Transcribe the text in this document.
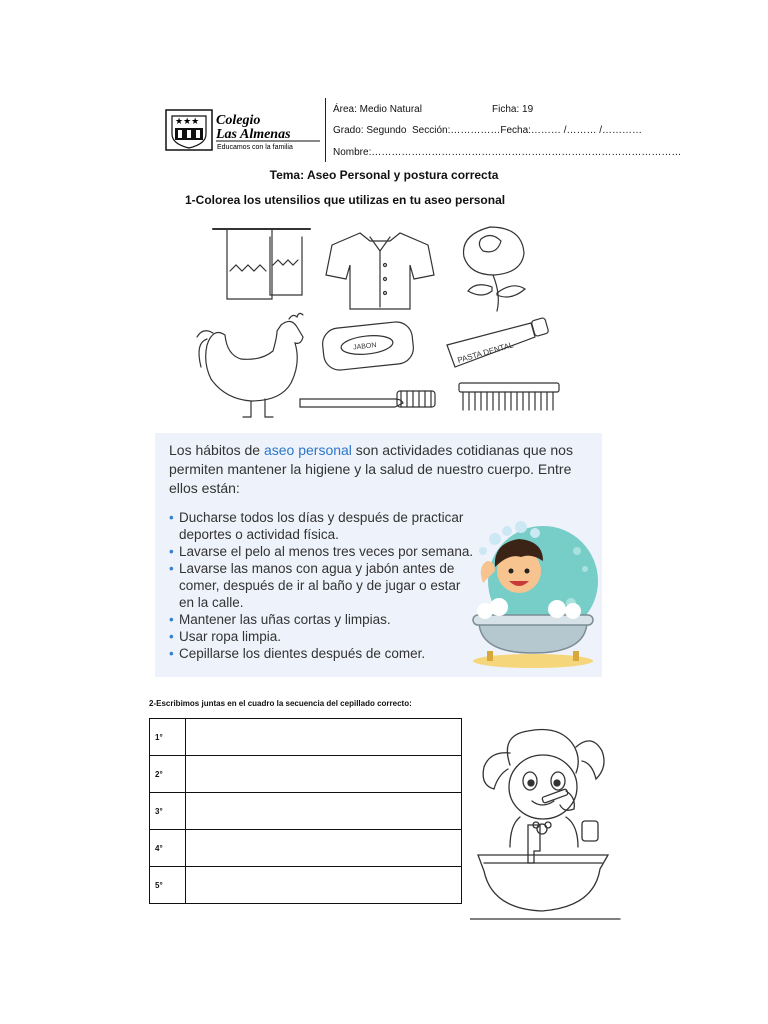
★★★ Colegio
Las Almenas
Educamos con la familia
Área: Medio Natural	Ficha: 19
Grado: Segundo Sección:……………Fecha:……… /……… /…………
Nombre:…………………………………………………………………………………
Tema: Aseo Personal y postura correcta
1-Colorea los utensilios que utilizas en tu aseo personal
JABON	PASTA DENTAL
Los hábitos de aseo personal son actividades cotidianas que nos permiten mantener la higiene y la salud de nuestro cuerpo. Entre ellos están:
• Ducharse todos los días y después de practicar deportes o actividad física.
• Lavarse el pelo al menos tres veces por semana.
• Lavarse las manos con agua y jabón antes de comer, después de ir al baño y de jugar o estar en la calle.
• Mantener las uñas cortas y limpias.
• Usar ropa limpia.
• Cepillarse los dientes después de comer.
2-Escribimos juntas en el cuadro la secuencia del cepillado correcto:
1°	
2°	
3°	
4°	
5°	
